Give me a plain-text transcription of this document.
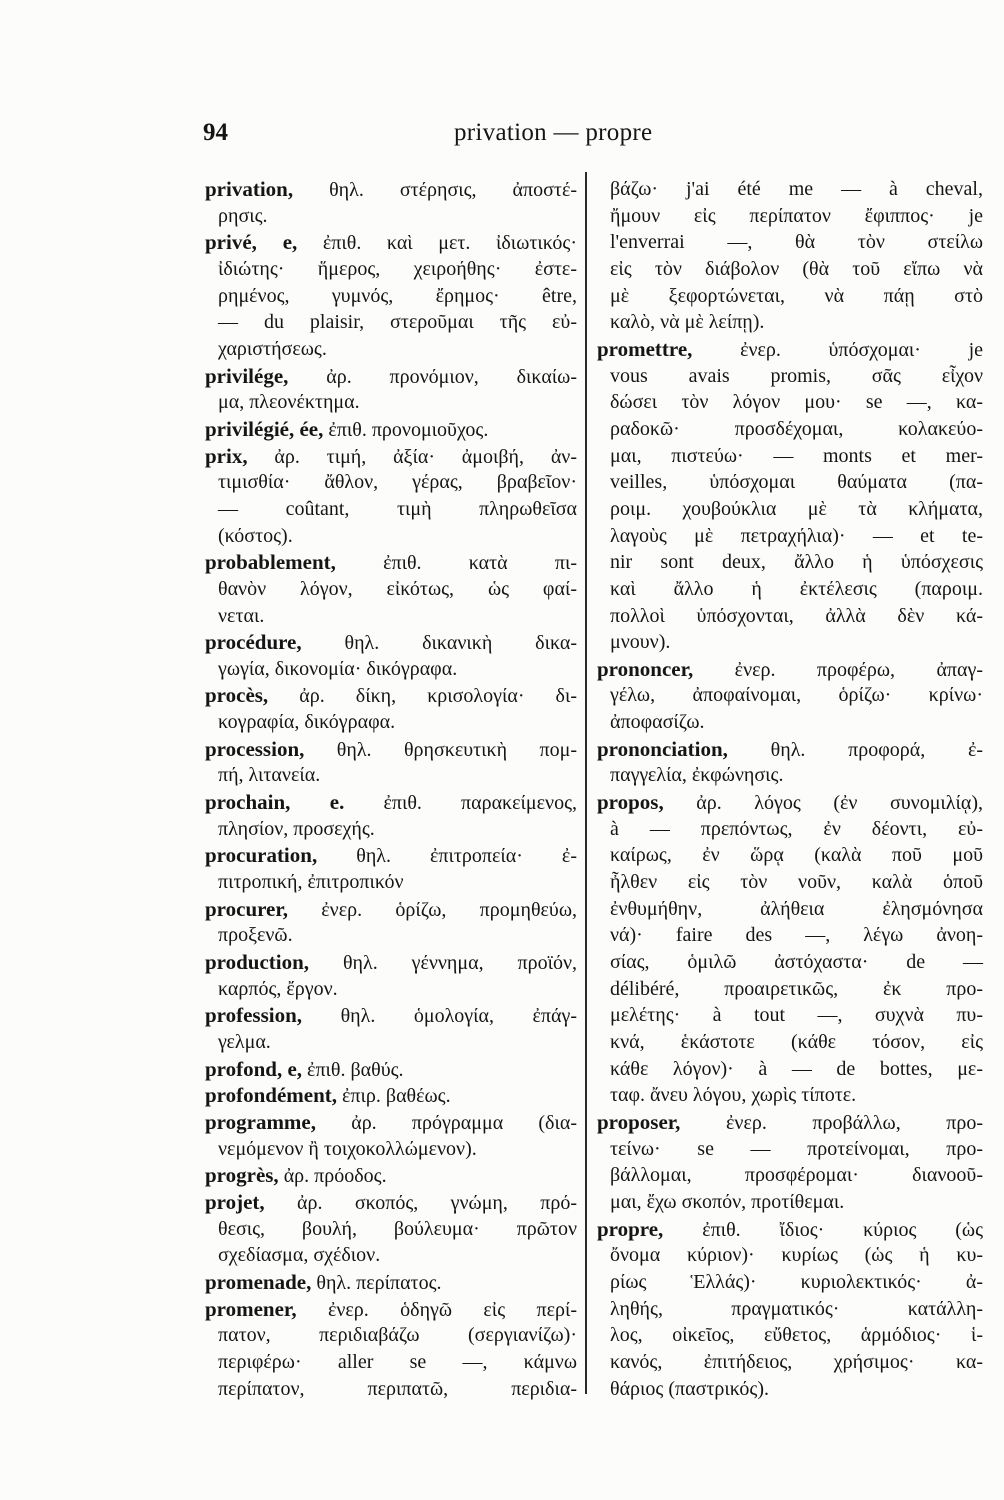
94	privation — propre
privation, θηλ. στέρησις, ἀποστέ-
ρησις.
privé, e, ἐπιθ. καὶ μετ. ἰδιωτικός·
ἰδιώτης· ἥμερος, χειροήθης· ἐστε-
ρημένος, γυμνός, ἔρημος· être,
— du plaisir, στεροῦμαι τῆς εὐ-
χαριστήσεως.
privilége, ἀρ. προνόμιον, δικαίω-
μα, πλεονέκτημα.
privilégié, ée, ἐπιθ. προνομιοῦχος.
prix, ἀρ. τιμή, ἀξία· ἀμοιβή, ἀν-
τιμισθία· ἄθλον, γέρας, βραβεῖον·
— coûtant, τιμὴ πληρωθεῖσα
(κόστος).
probablement, ἐπιθ. κατὰ πι-
θανὸν λόγον, εἰκότως, ὡς φαί-
νεται.
procédure, θηλ. δικανικὴ δικα-
γωγία, δικονομία· δικόγραφα.
procès, ἀρ. δίκη, κρισολογία· δι-
κογραφία, δικόγραφα.
procession, θηλ. θρησκευτικὴ πομ-
πή, λιτανεία.
prochain, e. ἐπιθ. παρακείμενος,
πλησίον, προσεχής.
procuration, θηλ. ἐπιτροπεία· ἐ-
πιτροπική, ἐπιτροπικόν
procurer, ἐνερ. ὁρίζω, προμηθεύω,
προξενῶ.
production, θηλ. γέννημα, προϊόν,
καρπός, ἔργον.
profession, θηλ. ὁμολογία, ἐπάγ-
γελμα.
profond, e, ἐπιθ. βαθύς.
profondément, ἐπιρ. βαθέως.
programme, ἀρ. πρόγραμμα (δια-
νεμόμενον ἢ τοιχοκολλώμενον).
progrès, ἀρ. πρόοδος.
projet, ἀρ. σκοπός, γνώμη, πρό-
θεσις, βουλή, βούλευμα· πρῶτον
σχεδίασμα, σχέδιον.
promenade, θηλ. περίπατος.
promener, ἐνερ. ὁδηγῶ εἰς περί-
πατον, περιδιαβάζω (σεργιανίζω)·
περιφέρω· aller se —, κάμνω
περίπατον, περιπατῶ, περιδια-
βάζω· j'ai été me — à cheval,
ἤμουν εἰς περίπατον ἔφιππος· je
l'enverrai —, θὰ τὸν στείλω
εἰς τὸν διάβολον (θὰ τοῦ εἴπω νὰ
μὲ ξεφορτώνεται, νὰ πάῃ στὸ
καλὸ, νὰ μὲ λείπῃ).
promettre, ἐνερ. ὑπόσχομαι· je
vous avais promis, σᾶς εἶχον
δώσει τὸν λόγον μου· se —, κα-
ραδοκῶ· προσδέχομαι, κολακεύο-
μαι, πιστεύω· — monts et mer-
veilles, ὑπόσχομαι θαύματα (πα-
ροιμ. χουβούκλια μὲ τὰ κλήματα,
λαγοὺς μὲ πετραχήλια)· — et te-
nir sont deux, ἄλλο ἡ ὑπόσχεσις
καὶ ἄλλο ἡ ἐκτέλεσις (παροιμ.
πολλοὶ ὑπόσχονται, ἀλλὰ δὲν κά-
μνουν).
prononcer, ἐνερ. προφέρω, ἀπαγ-
γέλω, ἀποφαίνομαι, ὁρίζω· κρίνω·
ἀποφασίζω.
prononciation, θηλ. προφορά, ἐ-
παγγελία, ἐκφώνησις.
propos, ἀρ. λόγος (ἐν συνομιλίᾳ),
à — πρεπόντως, ἐν δέοντι, εὐ-
καίρως, ἐν ὥρᾳ (καλὰ ποῦ μοῦ
ἦλθεν εἰς τὸν νοῦν, καλὰ ὁποῦ
ἐνθυμήθην, ἀλήθεια ἐλησμόνησα
νά)· faire des —, λέγω ἀνοη-
σίας, ὁμιλῶ ἀστόχαστα· de —
délibéré, προαιρετικῶς, ἐκ προ-
μελέτης· à tout —, συχνὰ πυ-
κνά, ἑκάστοτε (κάθε τόσον, εἰς
κάθε λόγον)· à — de bottes, με-
ταφ. ἄνευ λόγου, χωρὶς τίποτε.
proposer, ἐνερ. προβάλλω, προ-
τείνω· se — προτείνομαι, προ-
βάλλομαι, προσφέρομαι· διανοοῦ-
μαι, ἔχω σκοπόν, προτίθεμαι.
propre, ἐπιθ. ἴδιος· κύριος (ὡς
ὄνομα κύριον)· κυρίως (ὡς ἡ κυ-
ρίως Ἑλλάς)· κυριολεκτικός· ἀ-
ληθής, πραγματικός· κατάλλη-
λος, οἰκεῖος, εὔθετος, ἁρμόδιος· ἱ-
κανός, ἐπιτήδειος, χρήσιμος· κα-
θάριος (παστρικός).
